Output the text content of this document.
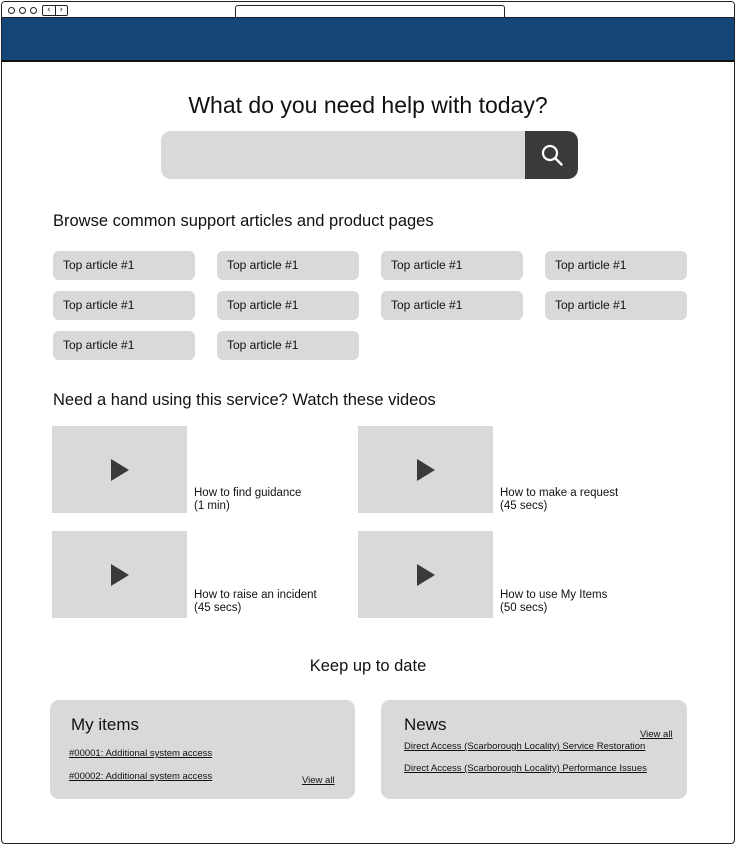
‹ ›
What do you need help with today?
Browse common support articles and product pages
Top article #1	Top article #1	Top article #1	Top article #1
Top article #1	Top article #1	Top article #1	Top article #1
Top article #1	Top article #1
Need a hand using this service? Watch these videos
How to find guidance
(1 min)
How to make a request
(45 secs)
How to raise an incident
(45 secs)
How to use My Items
(50 secs)
Keep up to date
My items
#00001: Additional system access
#00002: Additional system access	View all
News
View all
Direct Access (Scarborough Locality) Service Restoration
Direct Access (Scarborough Locality) Performance Issues
